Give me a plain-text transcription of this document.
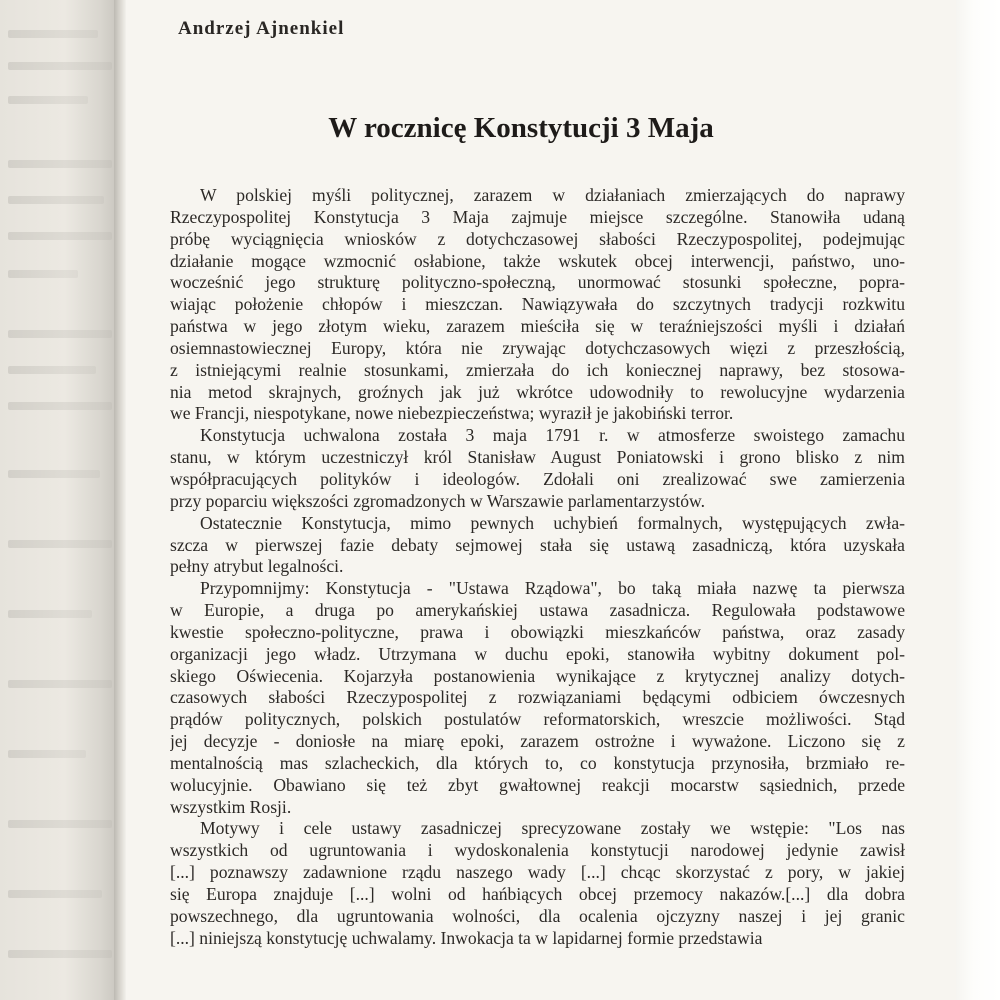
Andrzej Ajnenkiel
W rocznicę Konstytucji 3 Maja
W polskiej myśli politycznej, zarazem w działaniach zmierzających do naprawy
Rzeczypospolitej Konstytucja 3 Maja zajmuje miejsce szczególne. Stanowiła udaną
próbę wyciągnięcia wniosków z dotychczasowej słabości Rzeczypospolitej, podejmując
działanie mogące wzmocnić osłabione, także wskutek obcej interwencji, państwo, uno-
wocześnić jego strukturę polityczno-społeczną, unormować stosunki społeczne, popra-
wiając położenie chłopów i mieszczan. Nawiązywała do szczytnych tradycji rozkwitu
państwa w jego złotym wieku, zarazem mieściła się w teraźniejszości myśli i działań
osiemnastowiecznej Europy, która nie zrywając dotychczasowych więzi z przeszłością,
z istniejącymi realnie stosunkami, zmierzała do ich koniecznej naprawy, bez stosowa-
nia metod skrajnych, groźnych jak już wkrótce udowodniły to rewolucyjne wydarzenia
we Francji, niespotykane, nowe niebezpieczeństwa; wyraził je jakobiński terror.
Konstytucja uchwalona została 3 maja 1791 r. w atmosferze swoistego zamachu
stanu, w którym uczestniczył król Stanisław August Poniatowski i grono blisko z nim
współpracujących polityków i ideologów. Zdołali oni zrealizować swe zamierzenia
przy poparciu większości zgromadzonych w Warszawie parlamentarzystów.
Ostatecznie Konstytucja, mimo pewnych uchybień formalnych, występujących zwła-
szcza w pierwszej fazie debaty sejmowej stała się ustawą zasadniczą, która uzyskała
pełny atrybut legalności.
Przypomnijmy: Konstytucja - "Ustawa Rządowa", bo taką miała nazwę ta pierwsza
w Europie, a druga po amerykańskiej ustawa zasadnicza. Regulowała podstawowe
kwestie społeczno-polityczne, prawa i obowiązki mieszkańców państwa, oraz zasady
organizacji jego władz. Utrzymana w duchu epoki, stanowiła wybitny dokument pol-
skiego Oświecenia. Kojarzyła postanowienia wynikające z krytycznej analizy dotych-
czasowych słabości Rzeczypospolitej z rozwiązaniami będącymi odbiciem ówczesnych
prądów politycznych, polskich postulatów reformatorskich, wreszcie możliwości. Stąd
jej decyzje - doniosłe na miarę epoki, zarazem ostrożne i wyważone. Liczono się z
mentalnością mas szlacheckich, dla których to, co konstytucja przynosiła, brzmiało re-
wolucyjnie. Obawiano się też zbyt gwałtownej reakcji mocarstw sąsiednich, przede
wszystkim Rosji.
Motywy i cele ustawy zasadniczej sprecyzowane zostały we wstępie: "Los nas
wszystkich od ugruntowania i wydoskonalenia konstytucji narodowej jedynie zawisł
[...] poznawszy zadawnione rządu naszego wady [...] chcąc skorzystać z pory, w jakiej
się Europa znajduje [...] wolni od hańbiących obcej przemocy nakazów.[...] dla dobra
powszechnego, dla ugruntowania wolności, dla ocalenia ojczyzny naszej i jej granic
[...] niniejszą konstytucję uchwalamy. Inwokacja ta w lapidarnej formie przedstawia
